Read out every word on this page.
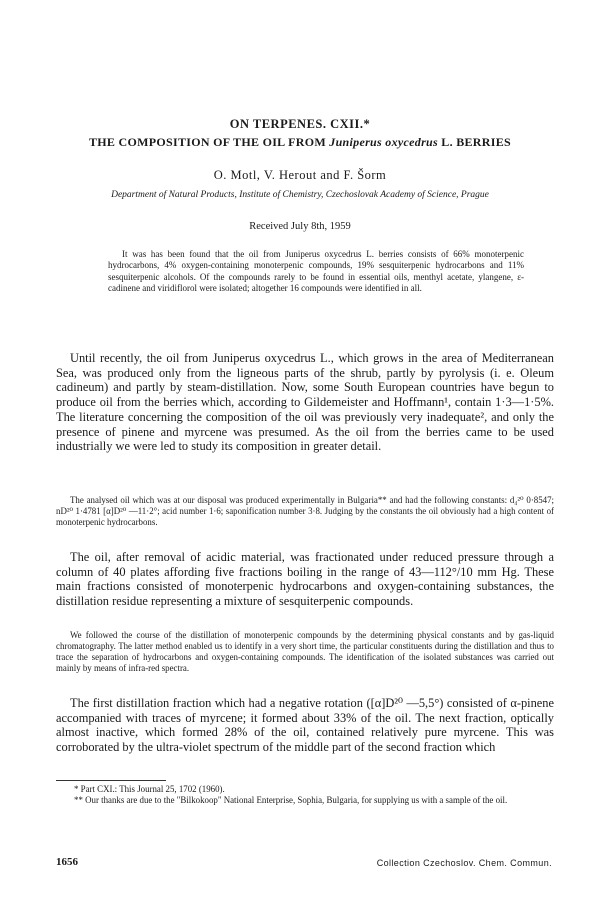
ON TERPENES. CXII.*
THE COMPOSITION OF THE OIL FROM Juniperus oxycedrus L. BERRIES
O. Motl, V. Herout and F. Šorm
Department of Natural Products, Institute of Chemistry, Czechoslovak Academy of Science, Prague
Received July 8th, 1959
It was has been found that the oil from Juniperus oxycedrus L. berries consists of 66% monoterpenic hydrocarbons, 4% oxygen-containing monoterpenic compounds, 19% sesquiterpenic hydrocarbons and 11% sesquiterpenic alcohols. Of the compounds rarely to be found in essential oils, menthyl acetate, ylangene, ε-cadinene and viridiflorol were isolated; altogether 16 compounds were identified in all.
Until recently, the oil from Juniperus oxycedrus L., which grows in the area of Mediterranean Sea, was produced only from the ligneous parts of the shrub, partly by pyrolysis (i. e. Oleum cadineum) and partly by steam-distillation. Now, some South European countries have begun to produce oil from the berries which, according to Gildemeister and Hoffmann¹, contain 1·3—1·5%. The literature concerning the composition of the oil was previously very inadequate², and only the presence of pinene and myrcene was presumed. As the oil from the berries came to be used industrially we were led to study its composition in greater detail.
The analysed oil which was at our disposal was produced experimentally in Bulgaria** and had the following constants: d₄²⁰ 0·8547; nD²⁰ 1·4781 [α]D²⁰ —11·2°; acid number 1·6; saponification number 3·8. Judging by the constants the oil obviously had a high content of monoterpenic hydrocarbons.
The oil, after removal of acidic material, was fractionated under reduced pressure through a column of 40 plates affording five fractions boiling in the range of 43—112°/10 mm Hg. These main fractions consisted of monoterpenic hydrocarbons and oxygen-containing substances, the distillation residue representing a mixture of sesquiterpenic compounds.
We followed the course of the distillation of monoterpenic compounds by the determining physical constants and by gas-liquid chromatography. The latter method enabled us to identify in a very short time, the particular constituents during the distillation and thus to trace the separation of hydrocarbons and oxygen-containing compounds. The identification of the isolated substances was carried out mainly by means of infra-red spectra.
The first distillation fraction which had a negative rotation ([α]D²⁰ —5,5°) consisted of α-pinene accompanied with traces of myrcene; it formed about 33% of the oil. The next fraction, optically almost inactive, which formed 28% of the oil, contained relatively pure myrcene. This was corroborated by the ultra-violet spectrum of the middle part of the second fraction which
* Part CXI.: This Journal 25, 1702 (1960).
** Our thanks are due to the "Bilkokoop" National Enterprise, Sophia, Bulgaria, for supplying us with a sample of the oil.
1656	Collection Czechoslov. Chem. Commun.
